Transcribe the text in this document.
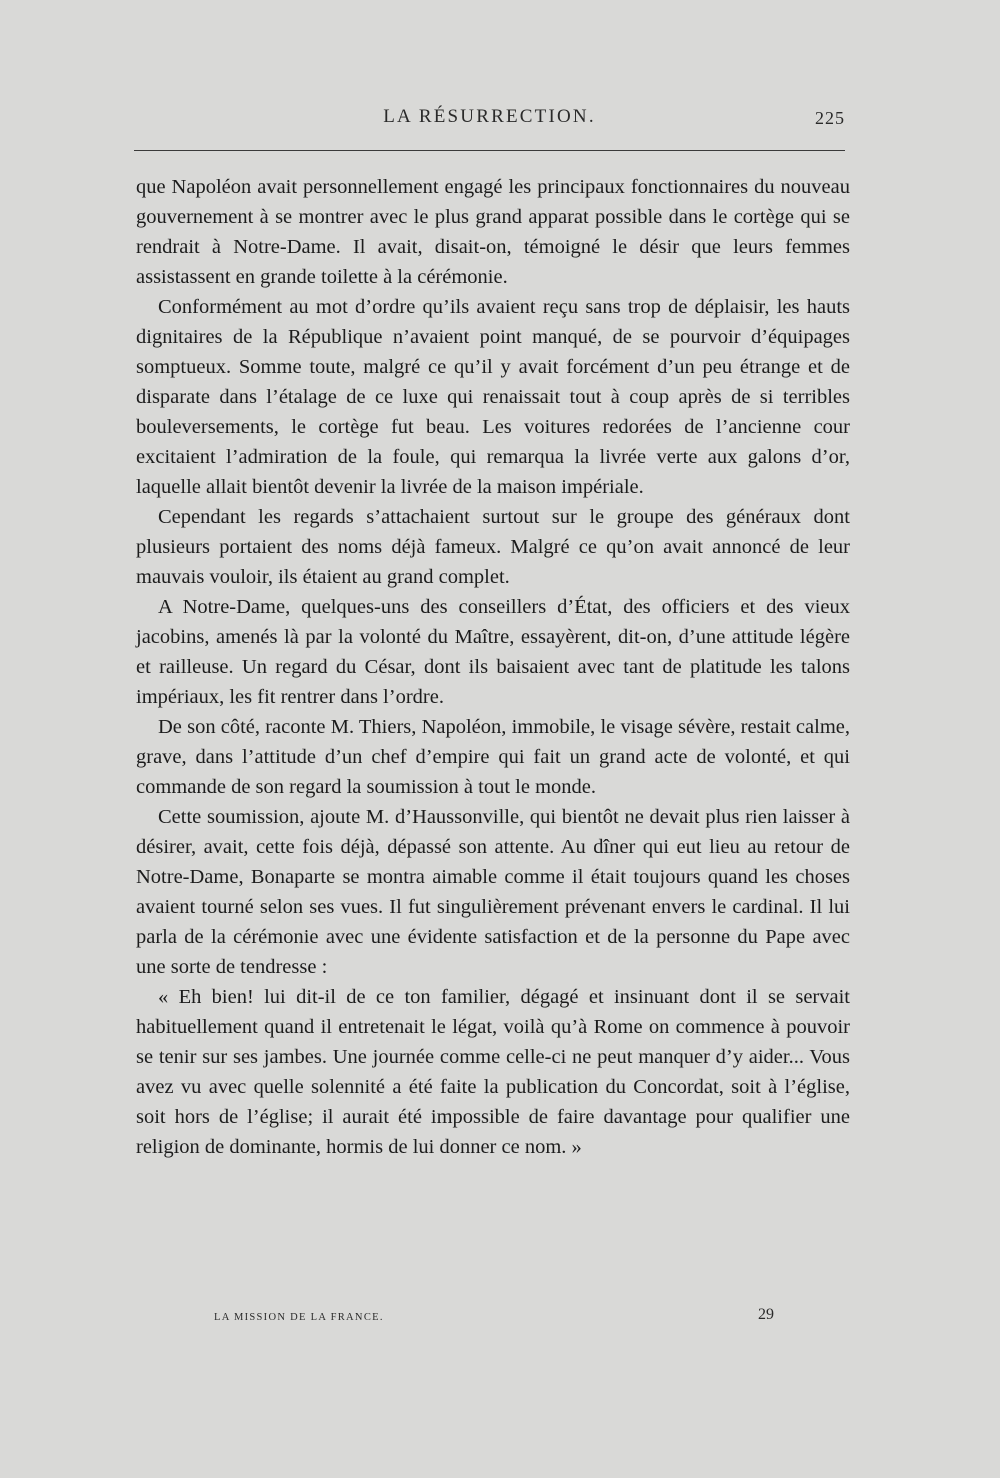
LA RÉSURRECTION.	225

que Napoléon avait personnellement engagé les principaux fonctionnaires du nouveau gouvernement à se montrer avec le plus grand apparat possible dans le cortège qui se rendrait à Notre-Dame. Il avait, disait-on, témoigné le désir que leurs femmes assistassent en grande toilette à la cérémonie.

Conformément au mot d’ordre qu’ils avaient reçu sans trop de déplaisir, les hauts dignitaires de la République n’avaient point manqué, de se pourvoir d’équipages somptueux. Somme toute, malgré ce qu’il y avait forcément d’un peu étrange et de disparate dans l’étalage de ce luxe qui renaissait tout à coup après de si terribles bouleversements, le cortège fut beau. Les voitures redorées de l’ancienne cour excitaient l’admiration de la foule, qui remarqua la livrée verte aux galons d’or, laquelle allait bientôt devenir la livrée de la maison impériale.

Cependant les regards s’attachaient surtout sur le groupe des généraux dont plusieurs portaient des noms déjà fameux. Malgré ce qu’on avait annoncé de leur mauvais vouloir, ils étaient au grand complet.

A Notre-Dame, quelques-uns des conseillers d’État, des officiers et des vieux jacobins, amenés là par la volonté du Maître, essayèrent, dit-on, d’une attitude légère et railleuse. Un regard du César, dont ils baisaient avec tant de platitude les talons impériaux, les fit rentrer dans l’ordre.

De son côté, raconte M. Thiers, Napoléon, immobile, le visage sévère, restait calme, grave, dans l’attitude d’un chef d’empire qui fait un grand acte de volonté, et qui commande de son regard la soumission à tout le monde.

Cette soumission, ajoute M. d’Haussonville, qui bientôt ne devait plus rien laisser à désirer, avait, cette fois déjà, dépassé son attente. Au dîner qui eut lieu au retour de Notre-Dame, Bonaparte se montra aimable comme il était toujours quand les choses avaient tourné selon ses vues. Il fut singulièrement prévenant envers le cardinal. Il lui parla de la cérémonie avec une évidente satisfaction et de la personne du Pape avec une sorte de tendresse :

« Eh bien! lui dit-il de ce ton familier, dégagé et insinuant dont il se servait habituellement quand il entretenait le légat, voilà qu’à Rome on commence à pouvoir se tenir sur ses jambes. Une journée comme celle-ci ne peut manquer d’y aider... Vous avez vu avec quelle solennité a été faite la publication du Concordat, soit à l’église, soit hors de l’église; il aurait été impossible de faire davantage pour qualifier une religion de dominante, hormis de lui donner ce nom. »

LA MISSION DE LA FRANCE.	29
